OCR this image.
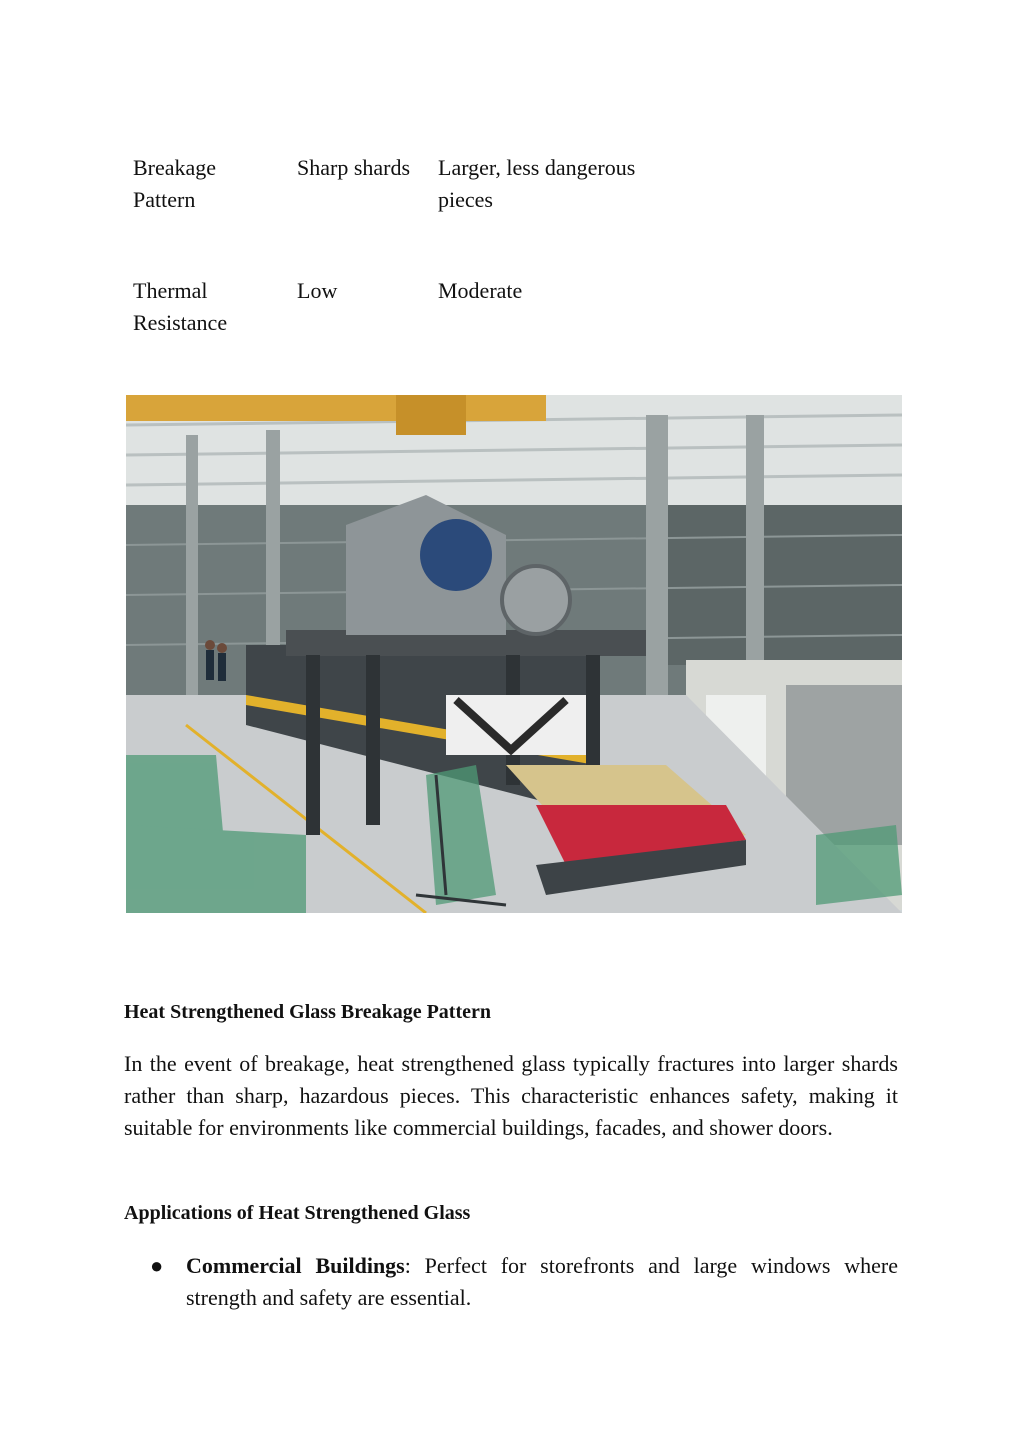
Breakage Pattern
Sharp shards	Larger, less dangerous pieces
Thermal Resistance
Low	Moderate
Heat Strengthened Glass Breakage Pattern

In the event of breakage, heat strengthened glass typically fractures into larger shards rather than sharp, hazardous pieces. This characteristic enhances safety, making it suitable for environments like commercial buildings, facades, and shower doors.

Applications of Heat Strengthened Glass
● Commercial Buildings: Perfect for storefronts and large windows where strength and safety are essential.
